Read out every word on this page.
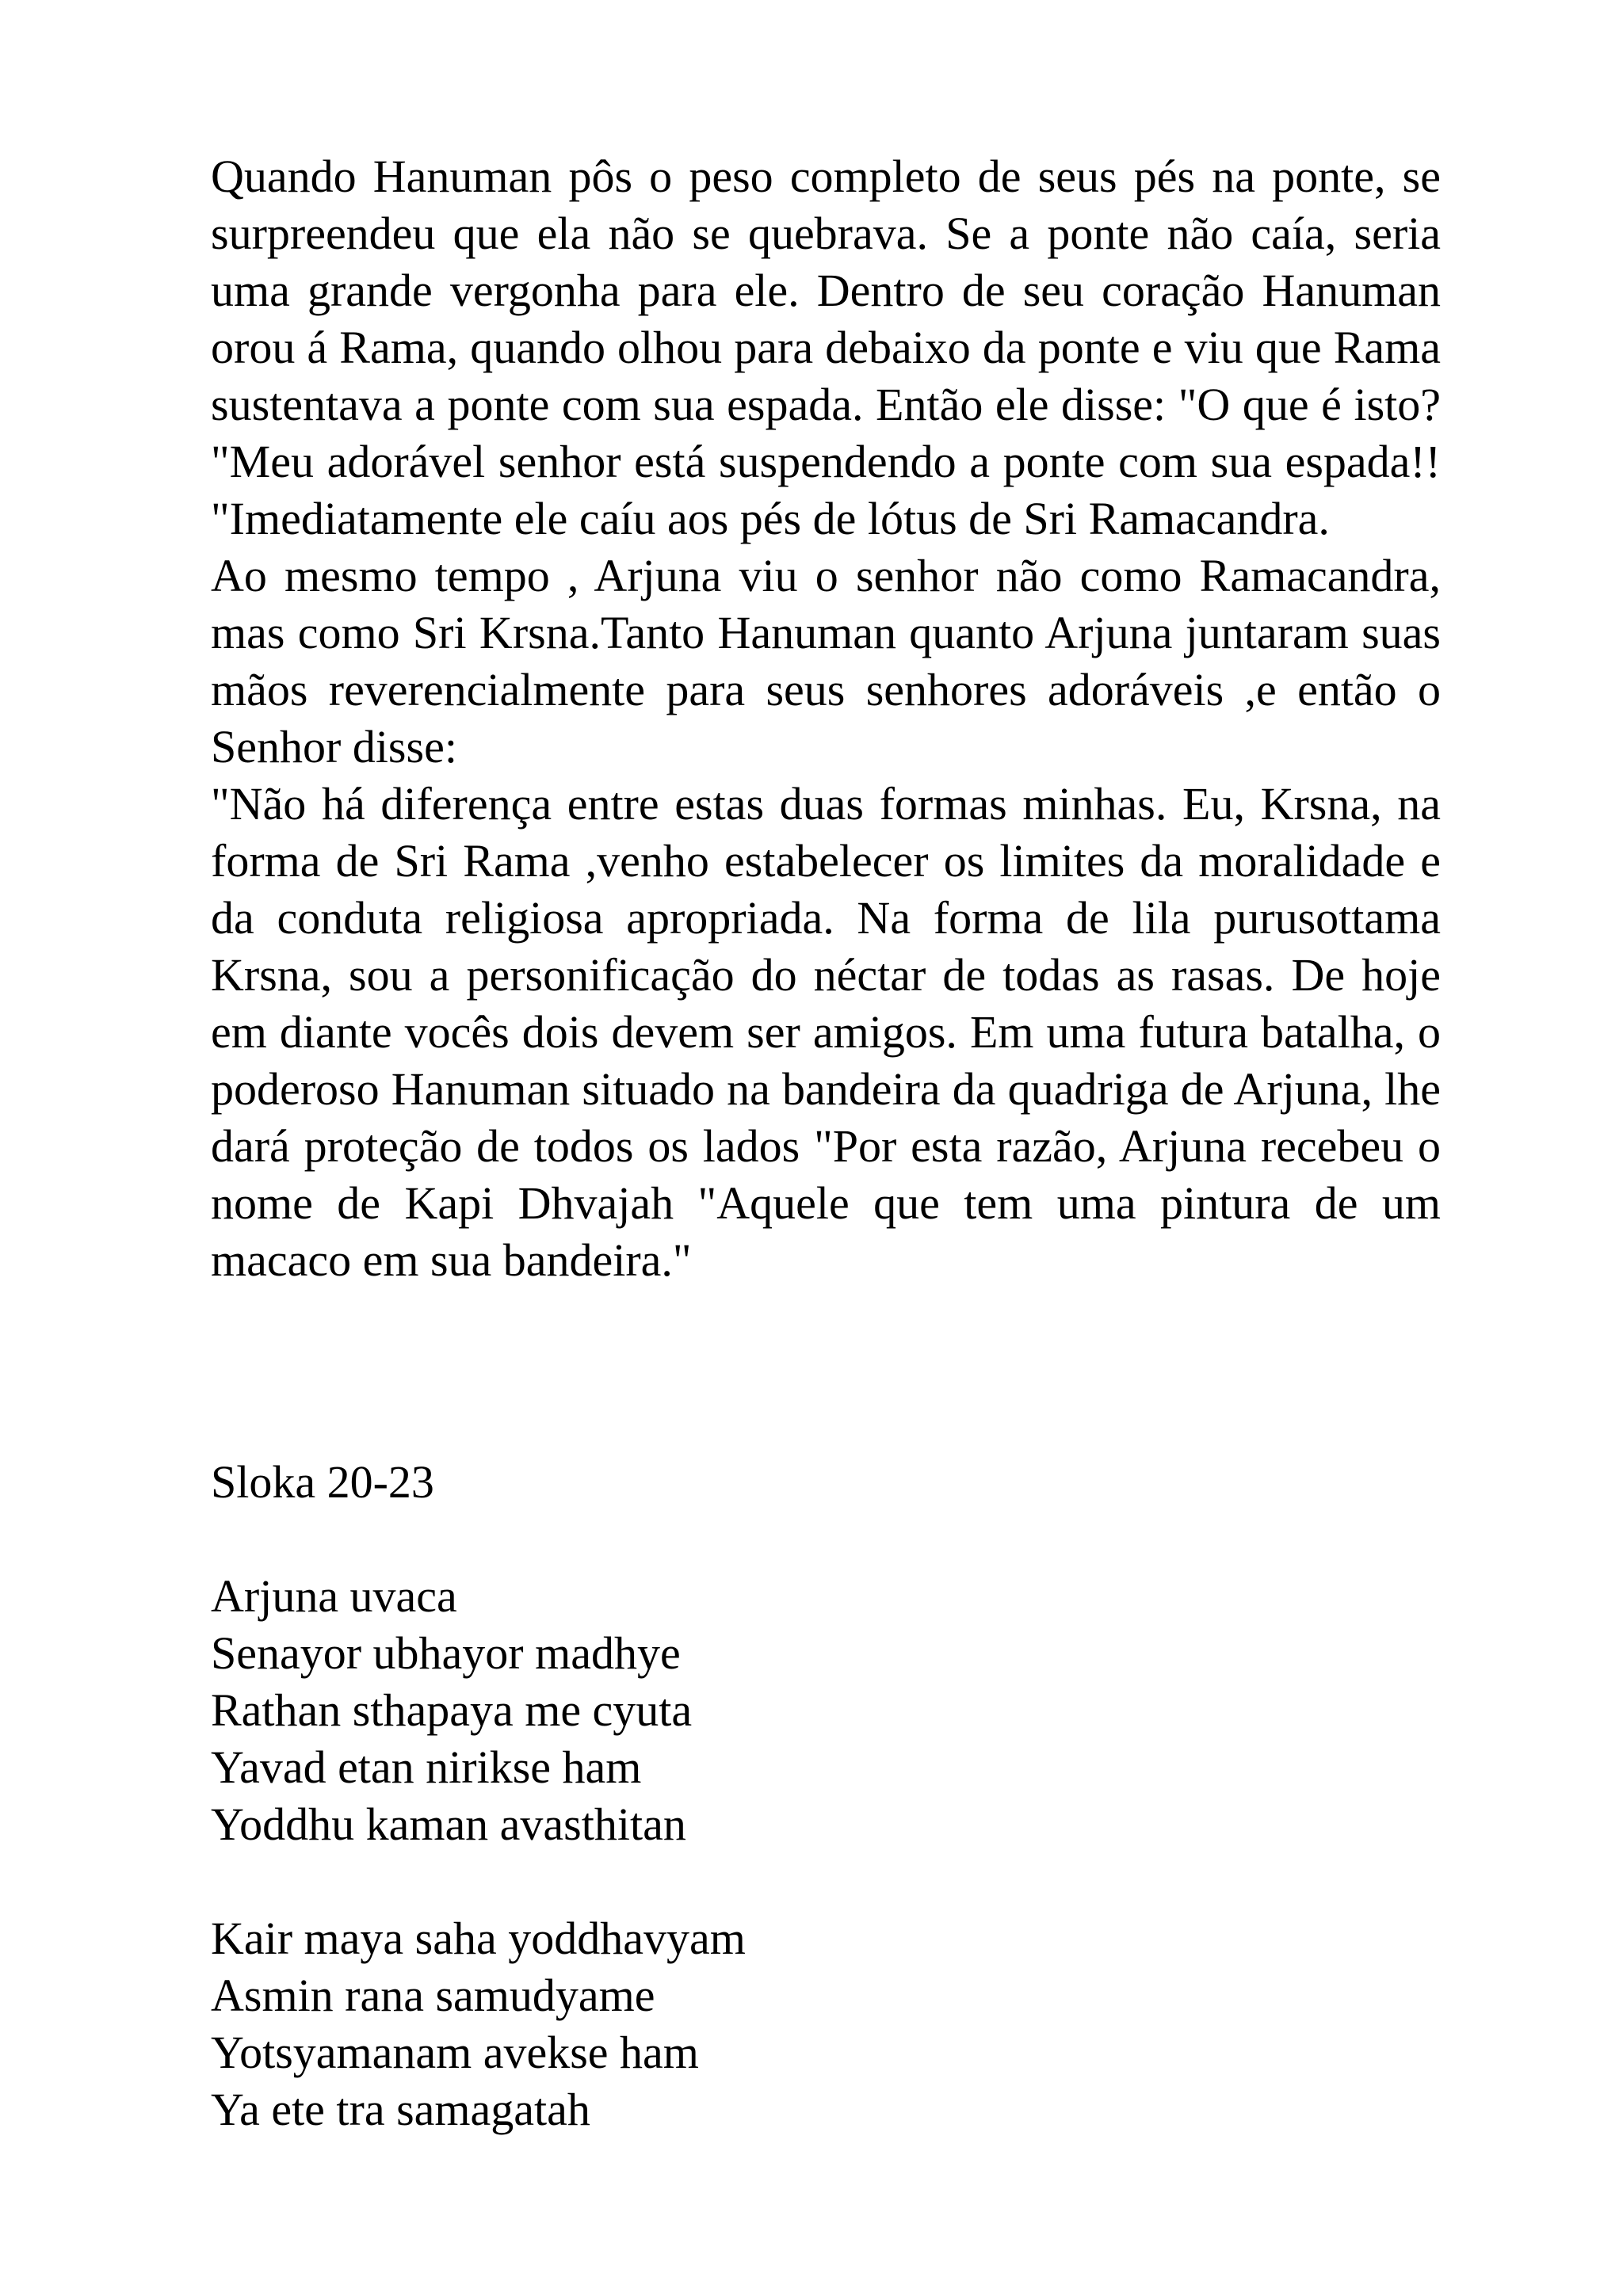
Quando Hanuman pôs o peso completo de seus pés na ponte, se surpreendeu que ela não se quebrava. Se a ponte não caía, seria uma grande vergonha para ele. Dentro de seu coração Hanuman orou á Rama, quando olhou para debaixo da ponte e viu que Rama sustentava a ponte com sua espada. Então ele disse: "O que é isto? "Meu adorável senhor está suspendendo a ponte com sua espada!! "Imediatamente ele caíu aos pés de lótus de Sri Ramacandra.

Ao mesmo tempo , Arjuna viu o senhor não como Ramacandra, mas como Sri Krsna.Tanto Hanuman quanto Arjuna juntaram suas mãos reverencialmente para seus senhores adoráveis ,e então o Senhor disse:

"Não há diferença entre estas duas formas minhas. Eu, Krsna, na forma de Sri Rama ,venho estabelecer os limites da moralidade e da conduta religiosa apropriada. Na forma de lila purusottama Krsna, sou a personificação do néctar de todas as rasas. De hoje em diante vocês dois devem ser amigos. Em uma futura batalha, o poderoso Hanuman situado na bandeira da quadriga de Arjuna, lhe dará proteção de todos os lados "Por esta razão, Arjuna recebeu o nome de Kapi Dhvajah "Aquele que tem uma pintura de um macaco em sua bandeira."

Sloka 20-23

Arjuna uvaca

Senayor ubhayor madhye

Rathan sthapaya me cyuta

Yavad etan nirikse ham

Yoddhu kaman avasthitan

Kair maya saha yoddhavyam

Asmin rana samudyame

Yotsyamanam avekse ham

Ya ete tra samagatah
